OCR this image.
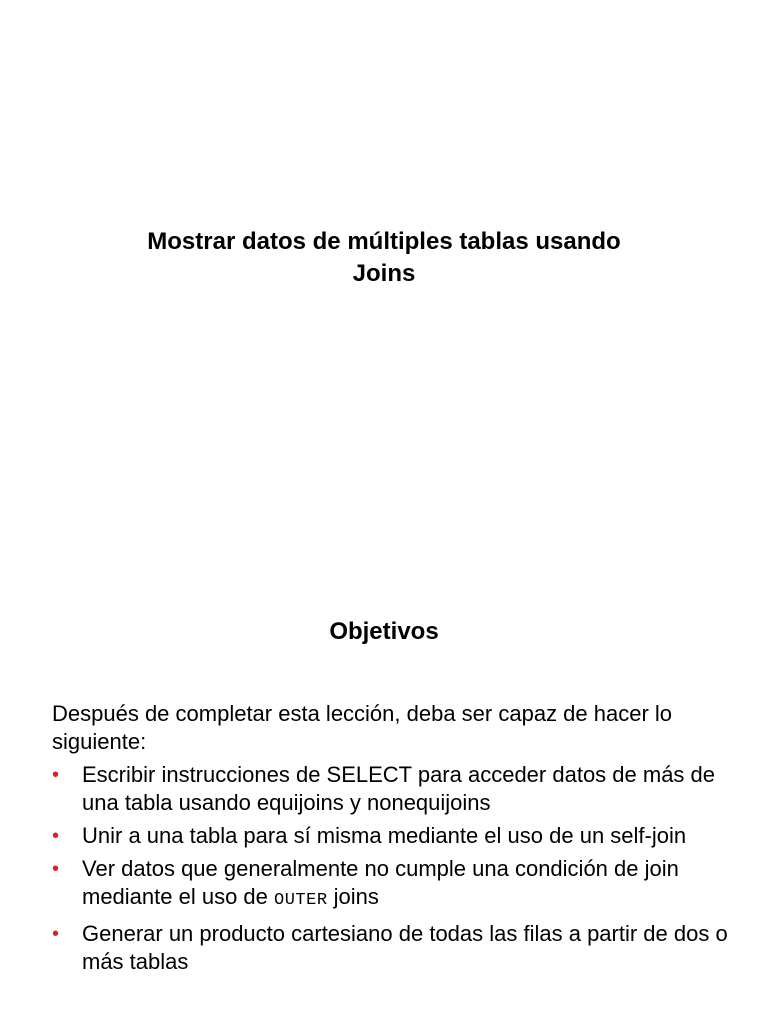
Mostrar datos de múltiples tablas usando
Joins
Objetivos

Después de completar esta lección, deba ser capaz de hacer lo siguiente:

• Escribir instrucciones de SELECT para acceder datos de más de una tabla usando equijoins y nonequijoins
• Unir a una tabla para sí misma mediante el uso de un self-join
• Ver datos que generalmente no cumple una condición de join mediante el uso de OUTER joins
• Generar un producto cartesiano de todas las filas a partir de dos o más tablas
